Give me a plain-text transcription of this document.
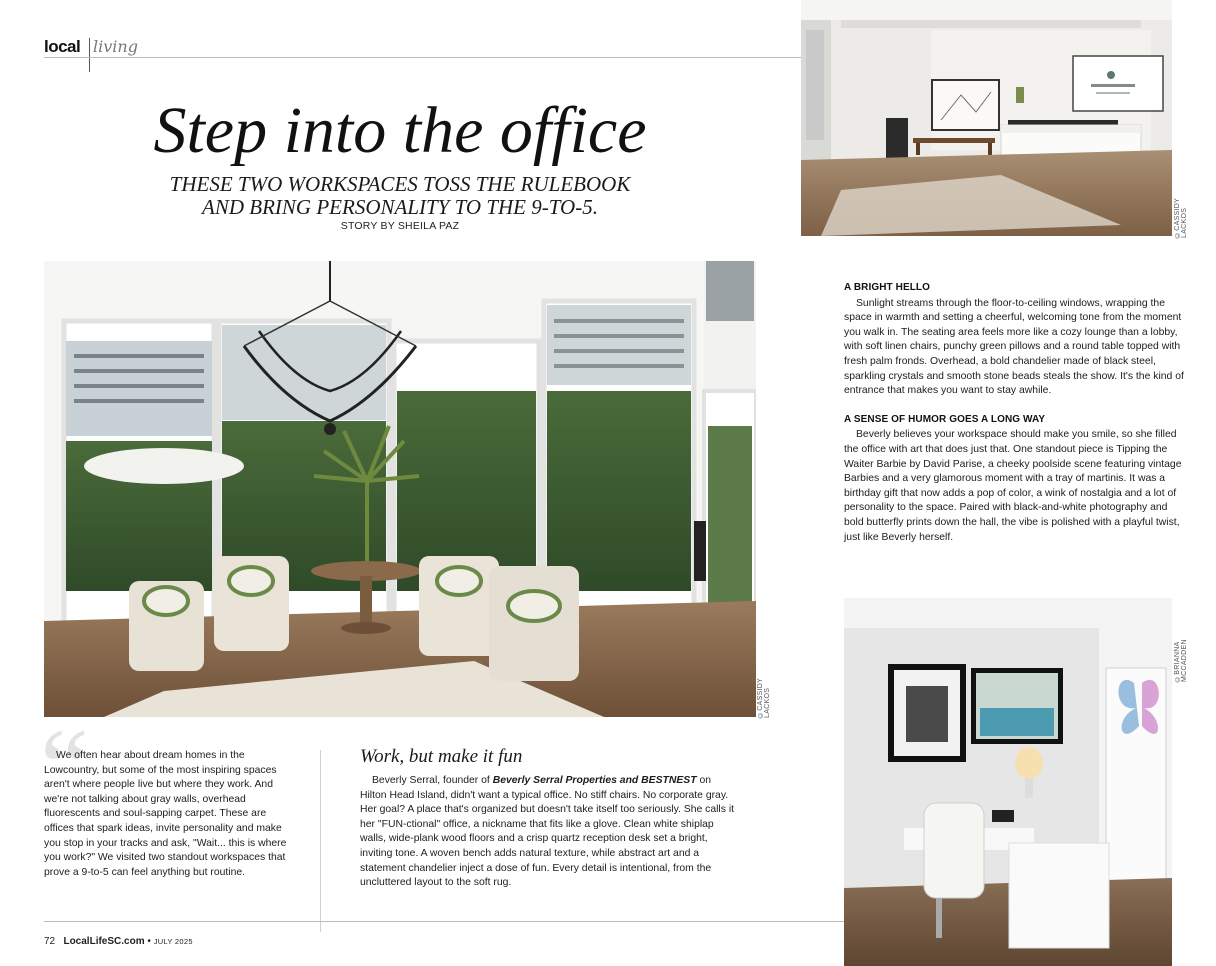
local living
Step into the office
THESE TWO WORKSPACES TOSS THE RULEBOOK
AND BRING PERSONALITY TO THE 9-TO-5.
STORY BY SHEILA PAZ	©CASSIDY LACKOS
©CASSIDY LACKOS
©BRIANNA MCCADDEN
A BRIGHT HELLO

Sunlight streams through the floor-to-ceiling windows, wrapping the space in warmth and setting a cheerful, welcoming tone from the moment you walk in. The seating area feels more like a cozy lounge than a lobby, with soft linen chairs, punchy green pillows and a round table topped with fresh palm fronds. Overhead, a bold chandelier made of black steel, sparkling crystals and smooth stone beads steals the show. It's the kind of entrance that makes you want to stay awhile.

A SENSE OF HUMOR GOES A LONG WAY

Beverly believes your workspace should make you smile, so she filled the office with art that does just that. One standout piece is Tipping the Waiter Barbie by David Parise, a cheeky poolside scene featuring vintage Barbies and a very glamorous moment with a tray of martinis. It was a birthday gift that now adds a pop of color, a wink of nostalgia and a lot of personality to the space. Paired with black-and-white photography and bold butterfly prints down the hall, the vibe is polished with a playful twist, just like Beverly herself.

“

We often hear about dream homes in the Lowcountry, but some of the most inspiring spaces aren't where people live but where they work. And we're not talking about gray walls, overhead fluorescents and soul-sapping carpet. These are offices that spark ideas, invite personality and make you stop in your tracks and ask, "Wait... this is where you work?" We visited two standout workspaces that prove a 9-to-5 can feel anything but routine.

Work, but make it fun

Beverly Serral, founder of Beverly Serral Properties and BESTNEST on Hilton Head Island, didn't want a typical office. No stiff chairs. No corporate gray. Her goal? A place that's organized but doesn't take itself too seriously. She calls it her "FUN-ctional" office, a nickname that fits like a glove. Clean white shiplap walls, wide-plank wood floors and a crisp quartz reception desk set a bright, inviting tone. A woven bench adds natural texture, while abstract art and a statement chandelier inject a dose of fun. Every detail is intentional, from the uncluttered layout to the soft rug.

72 LocalLifeSC.com • JULY 2025
